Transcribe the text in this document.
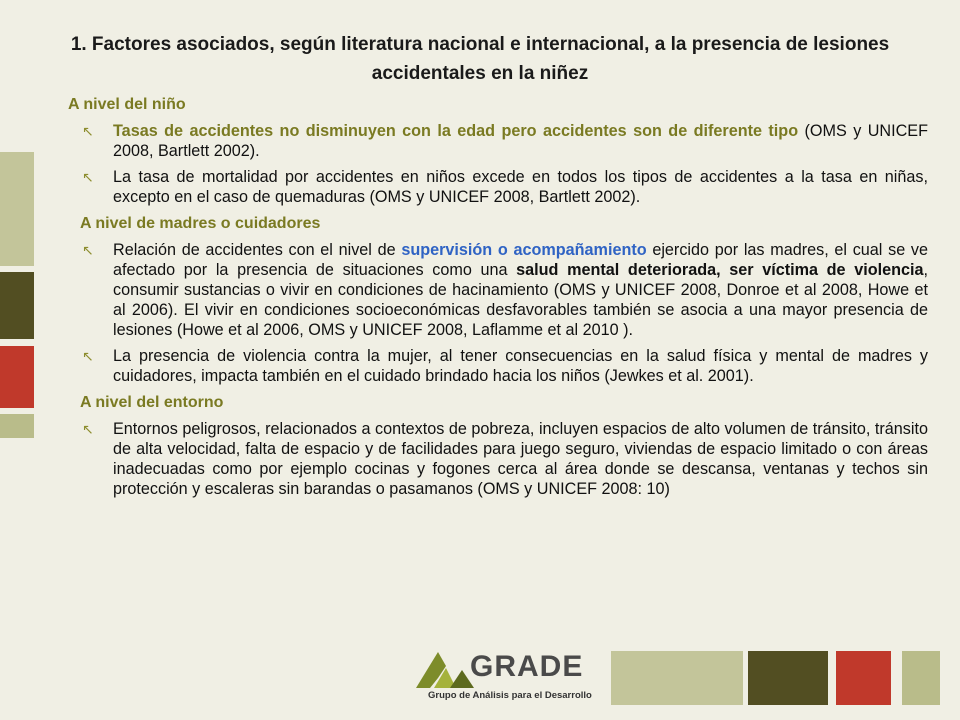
1. Factores asociados, según literatura nacional e internacional, a la presencia de lesiones accidentales en la niñez
A nivel del niño
↖ Tasas de accidentes no disminuyen con la edad pero accidentes son de diferente tipo (OMS y UNICEF 2008, Bartlett 2002).
↖ La tasa de mortalidad por accidentes en niños excede en todos los tipos de accidentes a la tasa en niñas, excepto en el caso de quemaduras (OMS y UNICEF 2008, Bartlett 2002).
A nivel de madres o cuidadores
↖ Relación de accidentes con el nivel de supervisión o acompañamiento ejercido por las madres, el cual se ve afectado por la presencia de situaciones como una salud mental deteriorada, ser víctima de violencia, consumir sustancias o vivir en condiciones de hacinamiento (OMS y UNICEF 2008, Donroe et al 2008, Howe et al 2006). El vivir en condiciones socioeconómicas desfavorables también se asocia a una mayor presencia de lesiones (Howe et al 2006, OMS y UNICEF 2008, Laflamme et al 2010 ).
↖ La presencia de violencia contra la mujer, al tener consecuencias en la salud física y mental de madres y cuidadores, impacta también en el cuidado brindado hacia los niños (Jewkes et al. 2001).
A nivel del entorno
↖ Entornos peligrosos, relacionados a contextos de pobreza, incluyen espacios de alto volumen de tránsito, tránsito de alta velocidad, falta de espacio y de facilidades para juego seguro, viviendas de espacio limitado o con áreas inadecuadas como por ejemplo cocinas y fogones cerca al área donde se descansa, ventanas y techos sin protección y escaleras sin barandas o pasamanos (OMS y UNICEF 2008: 10)
GRADE
Grupo de Análisis para el Desarrollo
